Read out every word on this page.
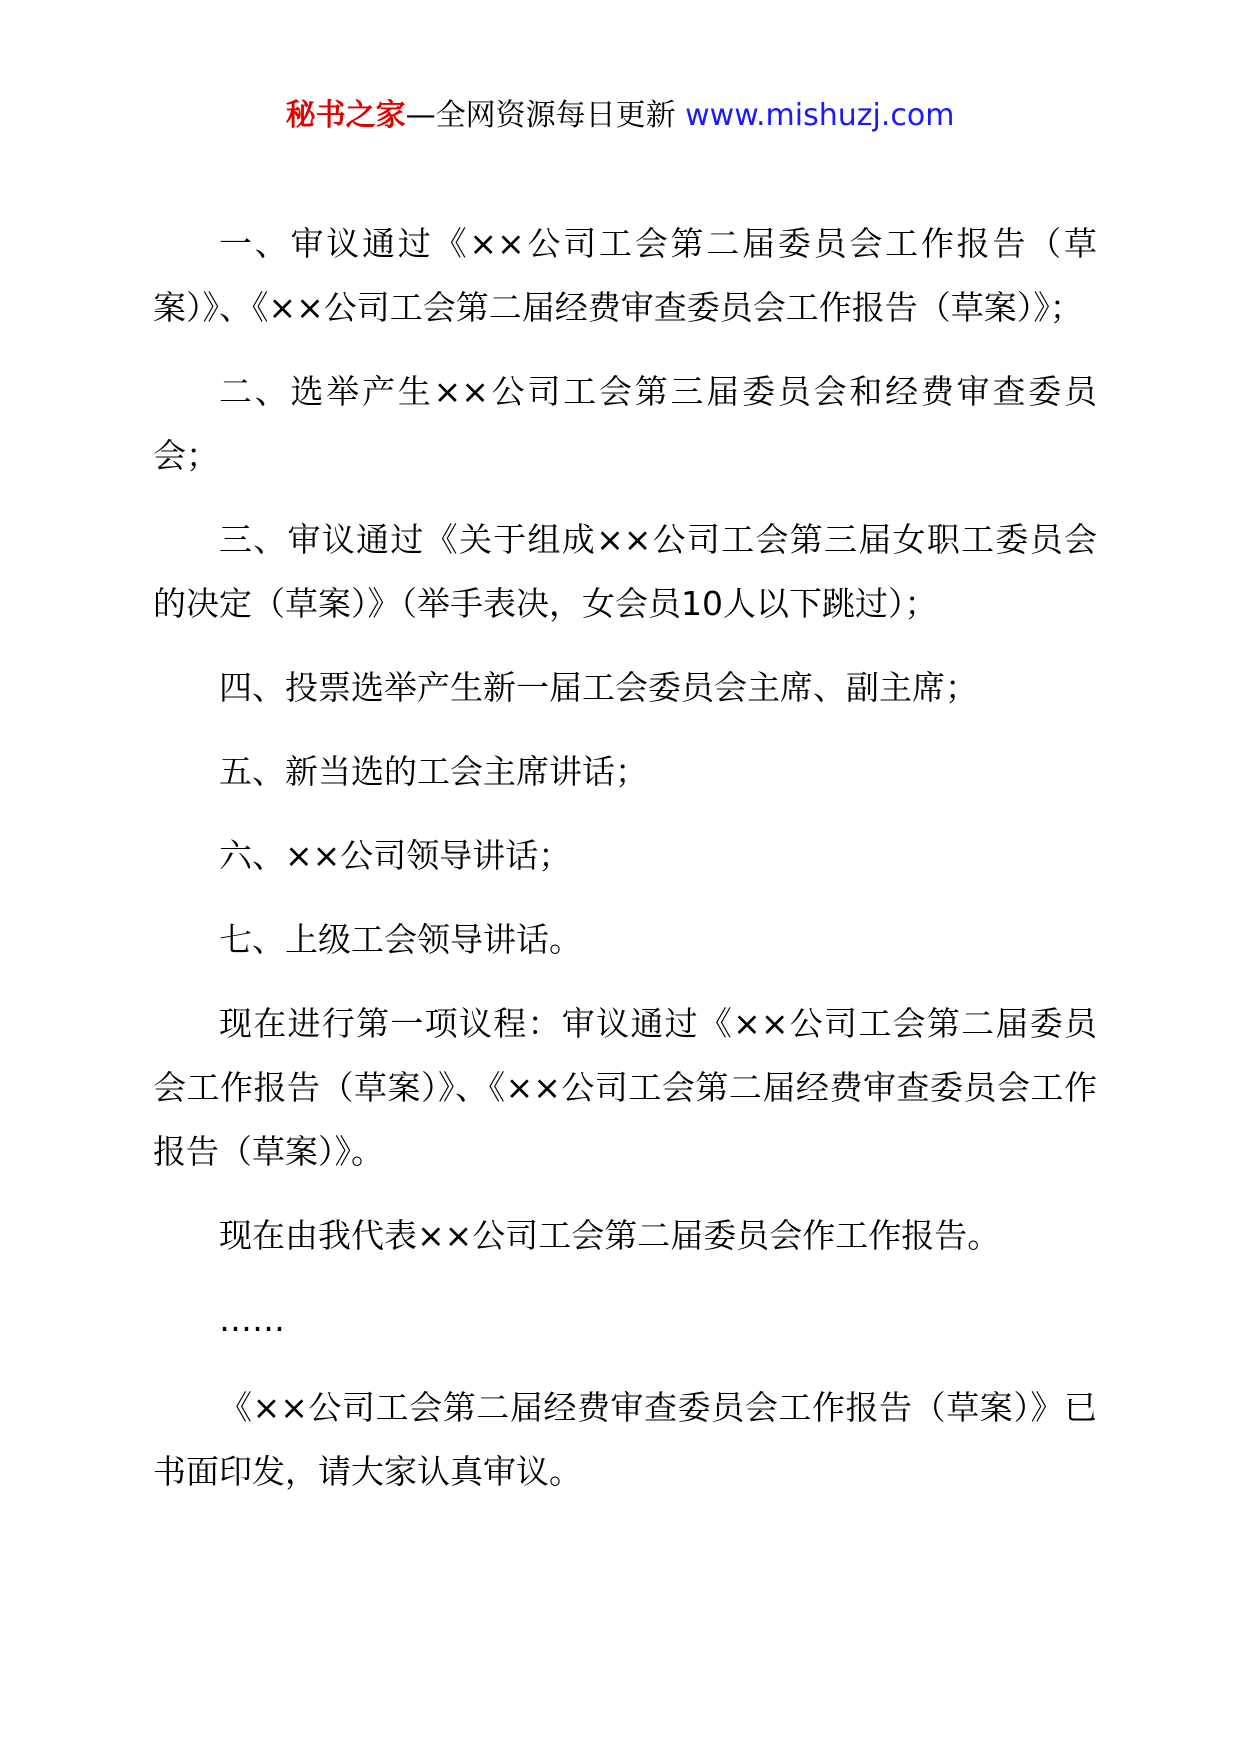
秘书之家—全网资源每日更新 www.mishuzj.com

一、审议通过《××公司工会第二届委员会工作报告（草案）》、《××公司工会第二届经费审查委员会工作报告（草案）》；

二、选举产生××公司工会第三届委员会和经费审查委员会；

三、审议通过《关于组成××公司工会第三届女职工委员会的决定（草案）》（举手表决，女会员10人以下跳过）；

四、投票选举产生新一届工会委员会主席、副主席；

五、新当选的工会主席讲话；

六、××公司领导讲话；

七、上级工会领导讲话。

现在进行第一项议程：审议通过《××公司工会第二届委员会工作报告（草案）》、《××公司工会第二届经费审查委员会工作报告（草案）》。

现在由我代表××公司工会第二届委员会作工作报告。

……

《××公司工会第二届经费审查委员会工作报告（草案）》已书面印发，请大家认真审议。
